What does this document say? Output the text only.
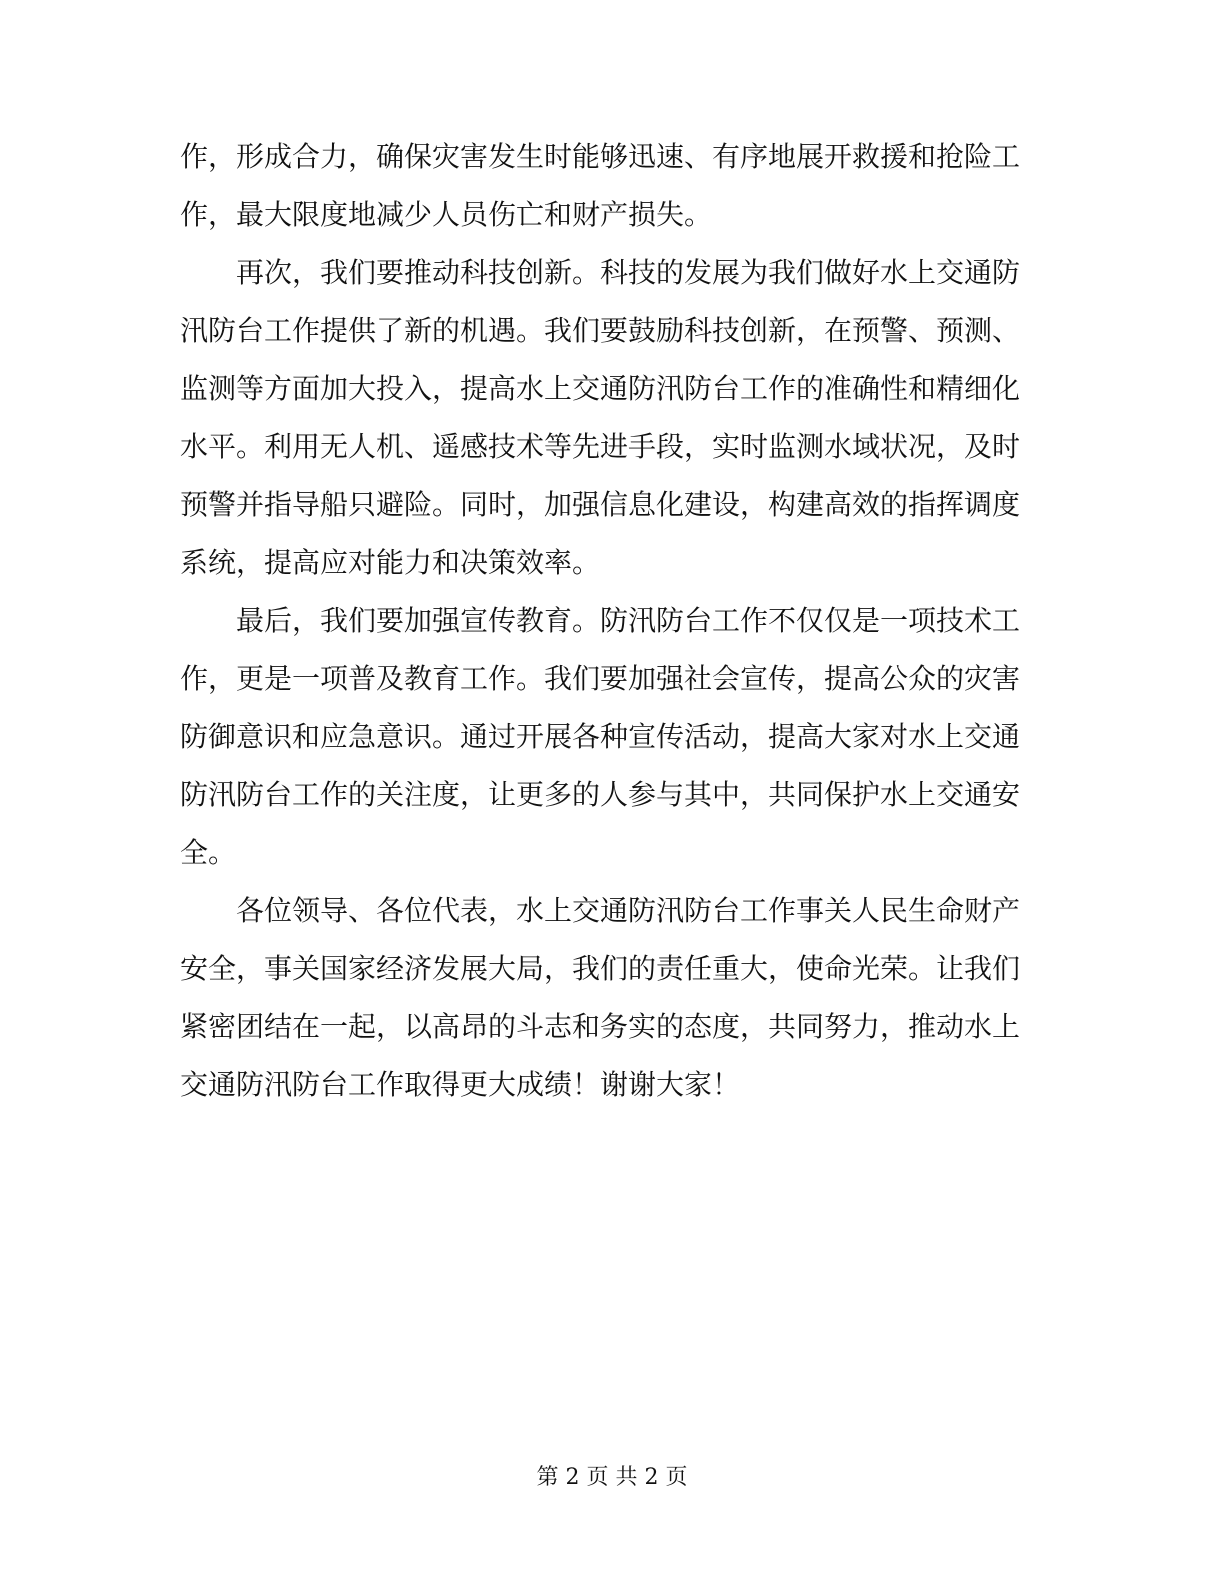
作，形成合力，确保灾害发生时能够迅速、有序地展开救援和抢险工作，最大限度地减少人员伤亡和财产损失。

再次，我们要推动科技创新。科技的发展为我们做好水上交通防汛防台工作提供了新的机遇。我们要鼓励科技创新，在预警、预测、监测等方面加大投入，提高水上交通防汛防台工作的准确性和精细化水平。利用无人机、遥感技术等先进手段，实时监测水域状况，及时预警并指导船只避险。同时，加强信息化建设，构建高效的指挥调度系统，提高应对能力和决策效率。

最后，我们要加强宣传教育。防汛防台工作不仅仅是一项技术工作，更是一项普及教育工作。我们要加强社会宣传，提高公众的灾害防御意识和应急意识。通过开展各种宣传活动，提高大家对水上交通防汛防台工作的关注度，让更多的人参与其中，共同保护水上交通安全。

各位领导、各位代表，水上交通防汛防台工作事关人民生命财产安全，事关国家经济发展大局，我们的责任重大，使命光荣。让我们紧密团结在一起，以高昂的斗志和务实的态度，共同努力，推动水上交通防汛防台工作取得更大成绩！谢谢大家！

第 2 页 共 2 页
